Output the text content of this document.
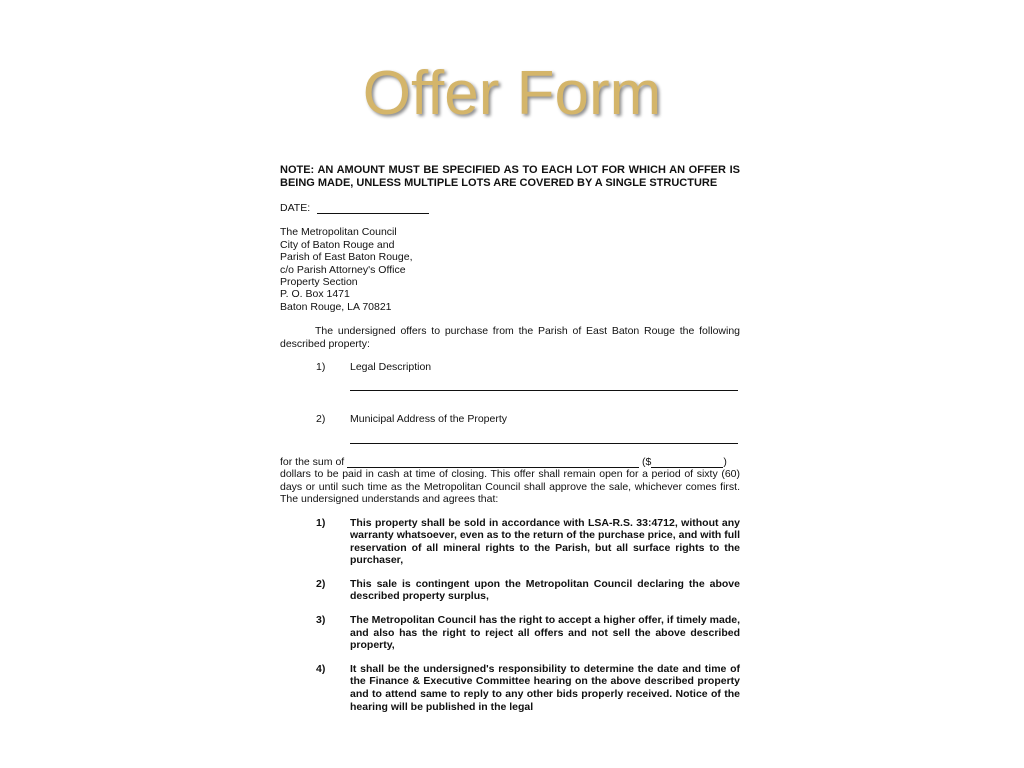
Offer Form
NOTE: AN AMOUNT MUST BE SPECIFIED AS TO EACH LOT FOR WHICH AN OFFER IS BEING MADE, UNLESS MULTIPLE LOTS ARE COVERED BY A SINGLE STRUCTURE
DATE:
The Metropolitan Council
City of Baton Rouge and
Parish of East Baton Rouge,
c/o Parish Attorney's Office
Property Section
P. O. Box 1471
Baton Rouge, LA 70821
The undersigned offers to purchase from the Parish of East Baton Rouge the following described property:
1) Legal Description
2) Municipal Address of the Property
for the sum of	($	)
dollars to be paid in cash at time of closing. This offer shall remain open for a period of sixty (60) days or until such time as the Metropolitan Council shall approve the sale, whichever comes first. The undersigned understands and agrees that:
1) This property shall be sold in accordance with LSA-R.S. 33:4712, without any warranty whatsoever, even as to the return of the purchase price, and with full reservation of all mineral rights to the Parish, but all surface rights to the purchaser,
2) This sale is contingent upon the Metropolitan Council declaring the above described property surplus,
3) The Metropolitan Council has the right to accept a higher offer, if timely made, and also has the right to reject all offers and not sell the above described property,
4) It shall be the undersigned's responsibility to determine the date and time of the Finance & Executive Committee hearing on the above described property and to attend same to reply to any other bids properly received. Notice of the hearing will be published in the legal
